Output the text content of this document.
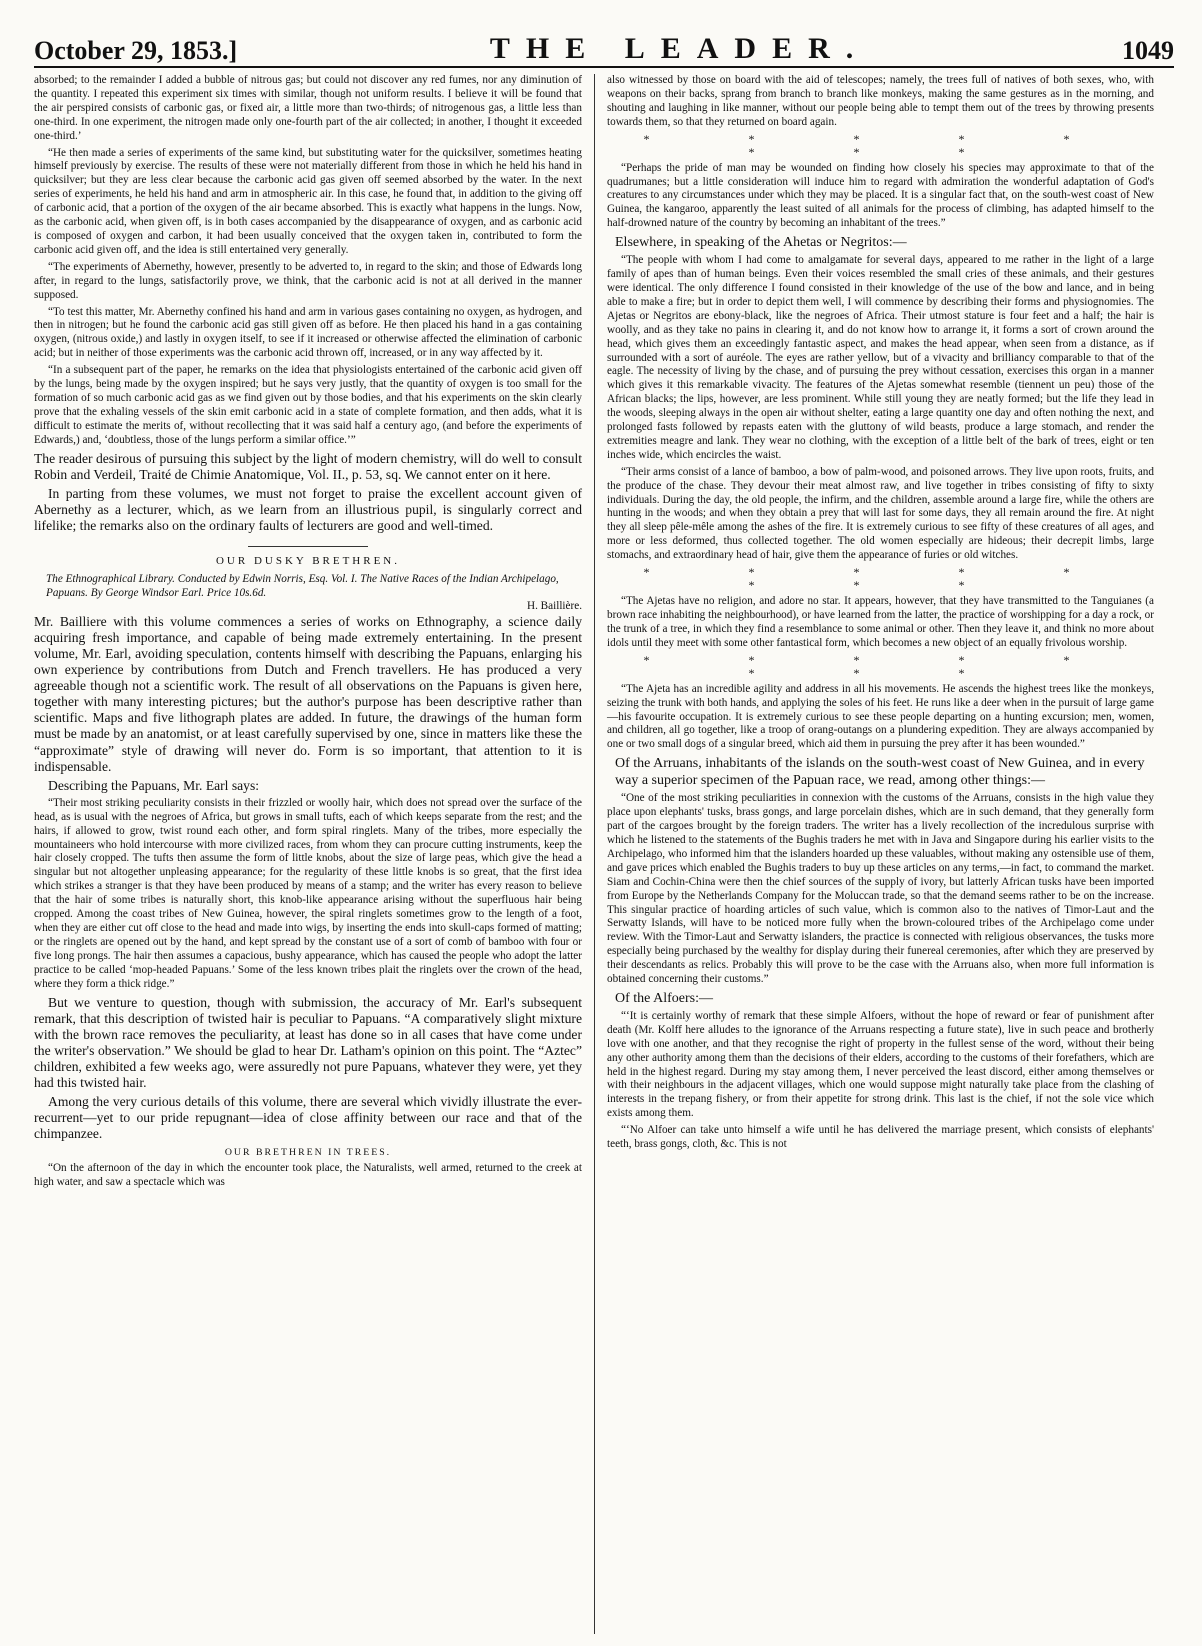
October 29, 1853.]	THE LEADER.	1049

absorbed; to the remainder I added a bubble of nitrous gas; but could not discover any red fumes, nor any diminution of the quantity. I repeated this experiment six times with similar, though not uniform results. I believe it will be found that the air perspired consists of carbonic gas, or fixed air, a little more than two-thirds; of nitrogenous gas, a little less than one-third. In one experiment, the nitrogen made only one-fourth part of the air collected; in another, I thought it exceeded one-third.’

“He then made a series of experiments of the same kind, but substituting water for the quicksilver, sometimes heating himself previously by exercise. The results of these were not materially different from those in which he held his hand in quicksilver; but they are less clear because the carbonic acid gas given off seemed absorbed by the water. In the next series of experiments, he held his hand and arm in atmospheric air. In this case, he found that, in addition to the giving off of carbonic acid, that a portion of the oxygen of the air became absorbed. This is exactly what happens in the lungs. Now, as the carbonic acid, when given off, is in both cases accompanied by the disappearance of oxygen, and as carbonic acid is composed of oxygen and carbon, it had been usually conceived that the oxygen taken in, contributed to form the carbonic acid given off, and the idea is still entertained very generally.

“The experiments of Abernethy, however, presently to be adverted to, in regard to the skin; and those of Edwards long after, in regard to the lungs, satisfactorily prove, we think, that the carbonic acid is not at all derived in the manner supposed.

“To test this matter, Mr. Abernethy confined his hand and arm in various gases containing no oxygen, as hydrogen, and then in nitrogen; but he found the carbonic acid gas still given off as before. He then placed his hand in a gas containing oxygen, (nitrous oxide,) and lastly in oxygen itself, to see if it increased or otherwise affected the elimination of carbonic acid; but in neither of those experiments was the carbonic acid thrown off, increased, or in any way affected by it.

“In a subsequent part of the paper, he remarks on the idea that physiologists entertained of the carbonic acid given off by the lungs, being made by the oxygen inspired; but he says very justly, that the quantity of oxygen is too small for the formation of so much carbonic acid gas as we find given out by those bodies, and that his experiments on the skin clearly prove that the exhaling vessels of the skin emit carbonic acid in a state of complete formation, and then adds, what it is difficult to estimate the merits of, without recollecting that it was said half a century ago, (and before the experiments of Edwards,) and, ‘doubtless, those of the lungs perform a similar office.’”

The reader desirous of pursuing this subject by the light of modern chemistry, will do well to consult Robin and Verdeil, Traité de Chimie Anatomique, Vol. II., p. 53, sq. We cannot enter on it here.

In parting from these volumes, we must not forget to praise the excellent account given of Abernethy as a lecturer, which, as we learn from an illustrious pupil, is singularly correct and lifelike; the remarks also on the ordinary faults of lecturers are good and well-timed.

OUR DUSKY BRETHREN.
The Ethnographical Library. Conducted by Edwin Norris, Esq. Vol. I. The Native Races of the Indian Archipelago, Papuans. By George Windsor Earl. Price 10s.6d.
H. Baillière.

Mr. Bailliere with this volume commences a series of works on Ethnography, a science daily acquiring fresh importance, and capable of being made extremely entertaining. In the present volume, Mr. Earl, avoiding speculation, contents himself with describing the Papuans, enlarging his own experience by contributions from Dutch and French travellers. He has produced a very agreeable though not a scientific work. The result of all observations on the Papuans is given here, together with many interesting pictures; but the author's purpose has been descriptive rather than scientific. Maps and five lithograph plates are added. In future, the drawings of the human form must be made by an anatomist, or at least carefully supervised by one, since in matters like these the “approximate” style of drawing will never do. Form is so important, that attention to it is indispensable.

Describing the Papuans, Mr. Earl says:

“Their most striking peculiarity consists in their frizzled or woolly hair, which does not spread over the surface of the head, as is usual with the negroes of Africa, but grows in small tufts, each of which keeps separate from the rest; and the hairs, if allowed to grow, twist round each other, and form spiral ringlets. Many of the tribes, more especially the mountaineers who hold intercourse with more civilized races, from whom they can procure cutting instruments, keep the hair closely cropped. The tufts then assume the form of little knobs, about the size of large peas, which give the head a singular but not altogether unpleasing appearance; for the regularity of these little knobs is so great, that the first idea which strikes a stranger is that they have been produced by means of a stamp; and the writer has every reason to believe that the hair of some tribes is naturally short, this knob-like appearance arising without the superfluous hair being cropped. Among the coast tribes of New Guinea, however, the spiral ringlets sometimes grow to the length of a foot, when they are either cut off close to the head and made into wigs, by inserting the ends into skull-caps formed of matting; or the ringlets are opened out by the hand, and kept spread by the constant use of a sort of comb of bamboo with four or five long prongs. The hair then assumes a capacious, bushy appearance, which has caused the people who adopt the latter practice to be called ‘mop-headed Papuans.’ Some of the less known tribes plait the ringlets over the crown of the head, where they form a thick ridge.”

But we venture to question, though with submission, the accuracy of Mr. Earl's subsequent remark, that this description of twisted hair is peculiar to Papuans. “A comparatively slight mixture with the brown race removes the peculiarity, at least has done so in all cases that have come under the writer's observation.” We should be glad to hear Dr. Latham's opinion on this point. The “Aztec” children, exhibited a few weeks ago, were assuredly not pure Papuans, whatever they were, yet they had this twisted hair.

Among the very curious details of this volume, there are several which vividly illustrate the ever-recurrent—yet to our pride repugnant—idea of close affinity between our race and that of the chimpanzee.

OUR BRETHREN IN TREES.

“On the afternoon of the day in which the encounter took place, the Naturalists, well armed, returned to the creek at high water, and saw a spectacle which was

also witnessed by those on board with the aid of telescopes; namely, the trees full of natives of both sexes, who, with weapons on their backs, sprang from branch to branch like monkeys, making the same gestures as in the morning, and shouting and laughing in like manner, without our people being able to tempt them out of the trees by throwing presents towards them, so that they returned on board again.

* * * * * * * *

“Perhaps the pride of man may be wounded on finding how closely his species may approximate to that of the quadrumanes; but a little consideration will induce him to regard with admiration the wonderful adaptation of God's creatures to any circumstances under which they may be placed. It is a singular fact that, on the south-west coast of New Guinea, the kangaroo, apparently the least suited of all animals for the process of climbing, has adapted himself to the half-drowned nature of the country by becoming an inhabitant of the trees.”

Elsewhere, in speaking of the Ahetas or Negritos:—

“The people with whom I had come to amalgamate for several days, appeared to me rather in the light of a large family of apes than of human beings. Even their voices resembled the small cries of these animals, and their gestures were identical. The only difference I found consisted in their knowledge of the use of the bow and lance, and in being able to make a fire; but in order to depict them well, I will commence by describing their forms and physiognomies. The Ajetas or Negritos are ebony-black, like the negroes of Africa. Their utmost stature is four feet and a half; the hair is woolly, and as they take no pains in clearing it, and do not know how to arrange it, it forms a sort of crown around the head, which gives them an exceedingly fantastic aspect, and makes the head appear, when seen from a distance, as if surrounded with a sort of auréole. The eyes are rather yellow, but of a vivacity and brilliancy comparable to that of the eagle. The necessity of living by the chase, and of pursuing the prey without cessation, exercises this organ in a manner which gives it this remarkable vivacity. The features of the Ajetas somewhat resemble (tiennent un peu) those of the African blacks; the lips, however, are less prominent. While still young they are neatly formed; but the life they lead in the woods, sleeping always in the open air without shelter, eating a large quantity one day and often nothing the next, and prolonged fasts followed by repasts eaten with the gluttony of wild beasts, produce a large stomach, and render the extremities meagre and lank. They wear no clothing, with the exception of a little belt of the bark of trees, eight or ten inches wide, which encircles the waist.

“Their arms consist of a lance of bamboo, a bow of palm-wood, and poisoned arrows. They live upon roots, fruits, and the produce of the chase. They devour their meat almost raw, and live together in tribes consisting of fifty to sixty individuals. During the day, the old people, the infirm, and the children, assemble around a large fire, while the others are hunting in the woods; and when they obtain a prey that will last for some days, they all remain around the fire. At night they all sleep pêle-mêle among the ashes of the fire. It is extremely curious to see fifty of these creatures of all ages, and more or less deformed, thus collected together. The old women especially are hideous; their decrepit limbs, large stomachs, and extraordinary head of hair, give them the appearance of furies or old witches.

* * * * * * * *

“The Ajetas have no religion, and adore no star. It appears, however, that they have transmitted to the Tanguianes (a brown race inhabiting the neighbourhood), or have learned from the latter, the practice of worshipping for a day a rock, or the trunk of a tree, in which they find a resemblance to some animal or other. Then they leave it, and think no more about idols until they meet with some other fantastical form, which becomes a new object of an equally frivolous worship.

* * * * * * * *

“The Ajeta has an incredible agility and address in all his movements. He ascends the highest trees like the monkeys, seizing the trunk with both hands, and applying the soles of his feet. He runs like a deer when in the pursuit of large game—his favourite occupation. It is extremely curious to see these people departing on a hunting excursion; men, women, and children, all go together, like a troop of orang-outangs on a plundering expedition. They are always accompanied by one or two small dogs of a singular breed, which aid them in pursuing the prey after it has been wounded.”

Of the Arruans, inhabitants of the islands on the south-west coast of New Guinea, and in every way a superior specimen of the Papuan race, we read, among other things:—

“One of the most striking peculiarities in connexion with the customs of the Arruans, consists in the high value they place upon elephants' tusks, brass gongs, and large porcelain dishes, which are in such demand, that they generally form part of the cargoes brought by the foreign traders. The writer has a lively recollection of the incredulous surprise with which he listened to the statements of the Bughis traders he met with in Java and Singapore during his earlier visits to the Archipelago, who informed him that the islanders hoarded up these valuables, without making any ostensible use of them, and gave prices which enabled the Bughis traders to buy up these articles on any terms,—in fact, to command the market. Siam and Cochin-China were then the chief sources of the supply of ivory, but latterly African tusks have been imported from Europe by the Netherlands Company for the Moluccan trade, so that the demand seems rather to be on the increase. This singular practice of hoarding articles of such value, which is common also to the natives of Timor-Laut and the Serwatty Islands, will have to be noticed more fully when the brown-coloured tribes of the Archipelago come under review. With the Timor-Laut and Serwatty islanders, the practice is connected with religious observances, the tusks more especially being purchased by the wealthy for display during their funereal ceremonies, after which they are preserved by their descendants as relics. Probably this will prove to be the case with the Arruans also, when more full information is obtained concerning their customs.”

Of the Alfoers:—

“‘It is certainly worthy of remark that these simple Alfoers, without the hope of reward or fear of punishment after death (Mr. Kolff here alludes to the ignorance of the Arruans respecting a future state), live in such peace and brotherly love with one another, and that they recognise the right of property in the fullest sense of the word, without their being any other authority among them than the decisions of their elders, according to the customs of their forefathers, which are held in the highest regard. During my stay among them, I never perceived the least discord, either among themselves or with their neighbours in the adjacent villages, which one would suppose might naturally take place from the clashing of interests in the trepang fishery, or from their appetite for strong drink. This last is the chief, if not the sole vice which exists among them.

“‘No Alfoer can take unto himself a wife until he has delivered the marriage present, which consists of elephants' teeth, brass gongs, cloth, &c. This is not
